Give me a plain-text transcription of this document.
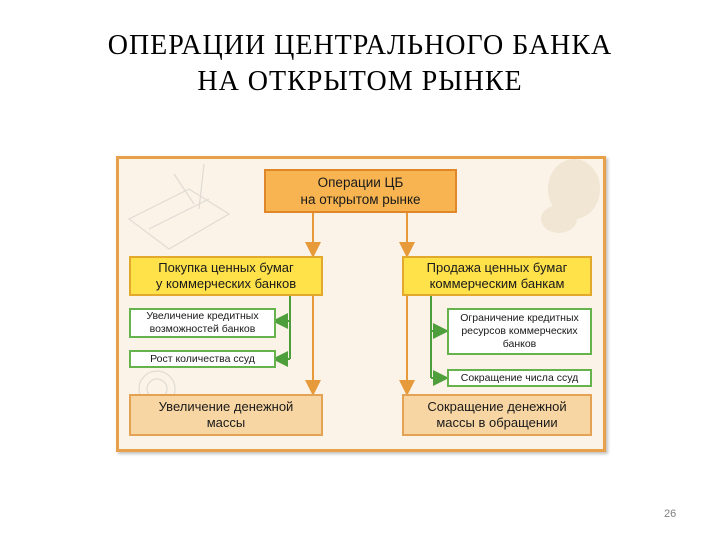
ОПЕРАЦИИ ЦЕНТРАЛЬНОГО БАНКА
НА ОТКРЫТОМ РЫНКЕ
Операции ЦБ
на открытом рынке
Покупка ценных бумаг
у коммерческих банков
Продажа ценных бумаг
коммерческим банкам
Увеличение кредитных
возможностей банков
Рост количества ссуд
Ограничение кредитных
ресурсов коммерческих
банков
Сокращение числа ссуд
Увеличение денежной
массы
Сокращение денежной
массы в обращении
26
